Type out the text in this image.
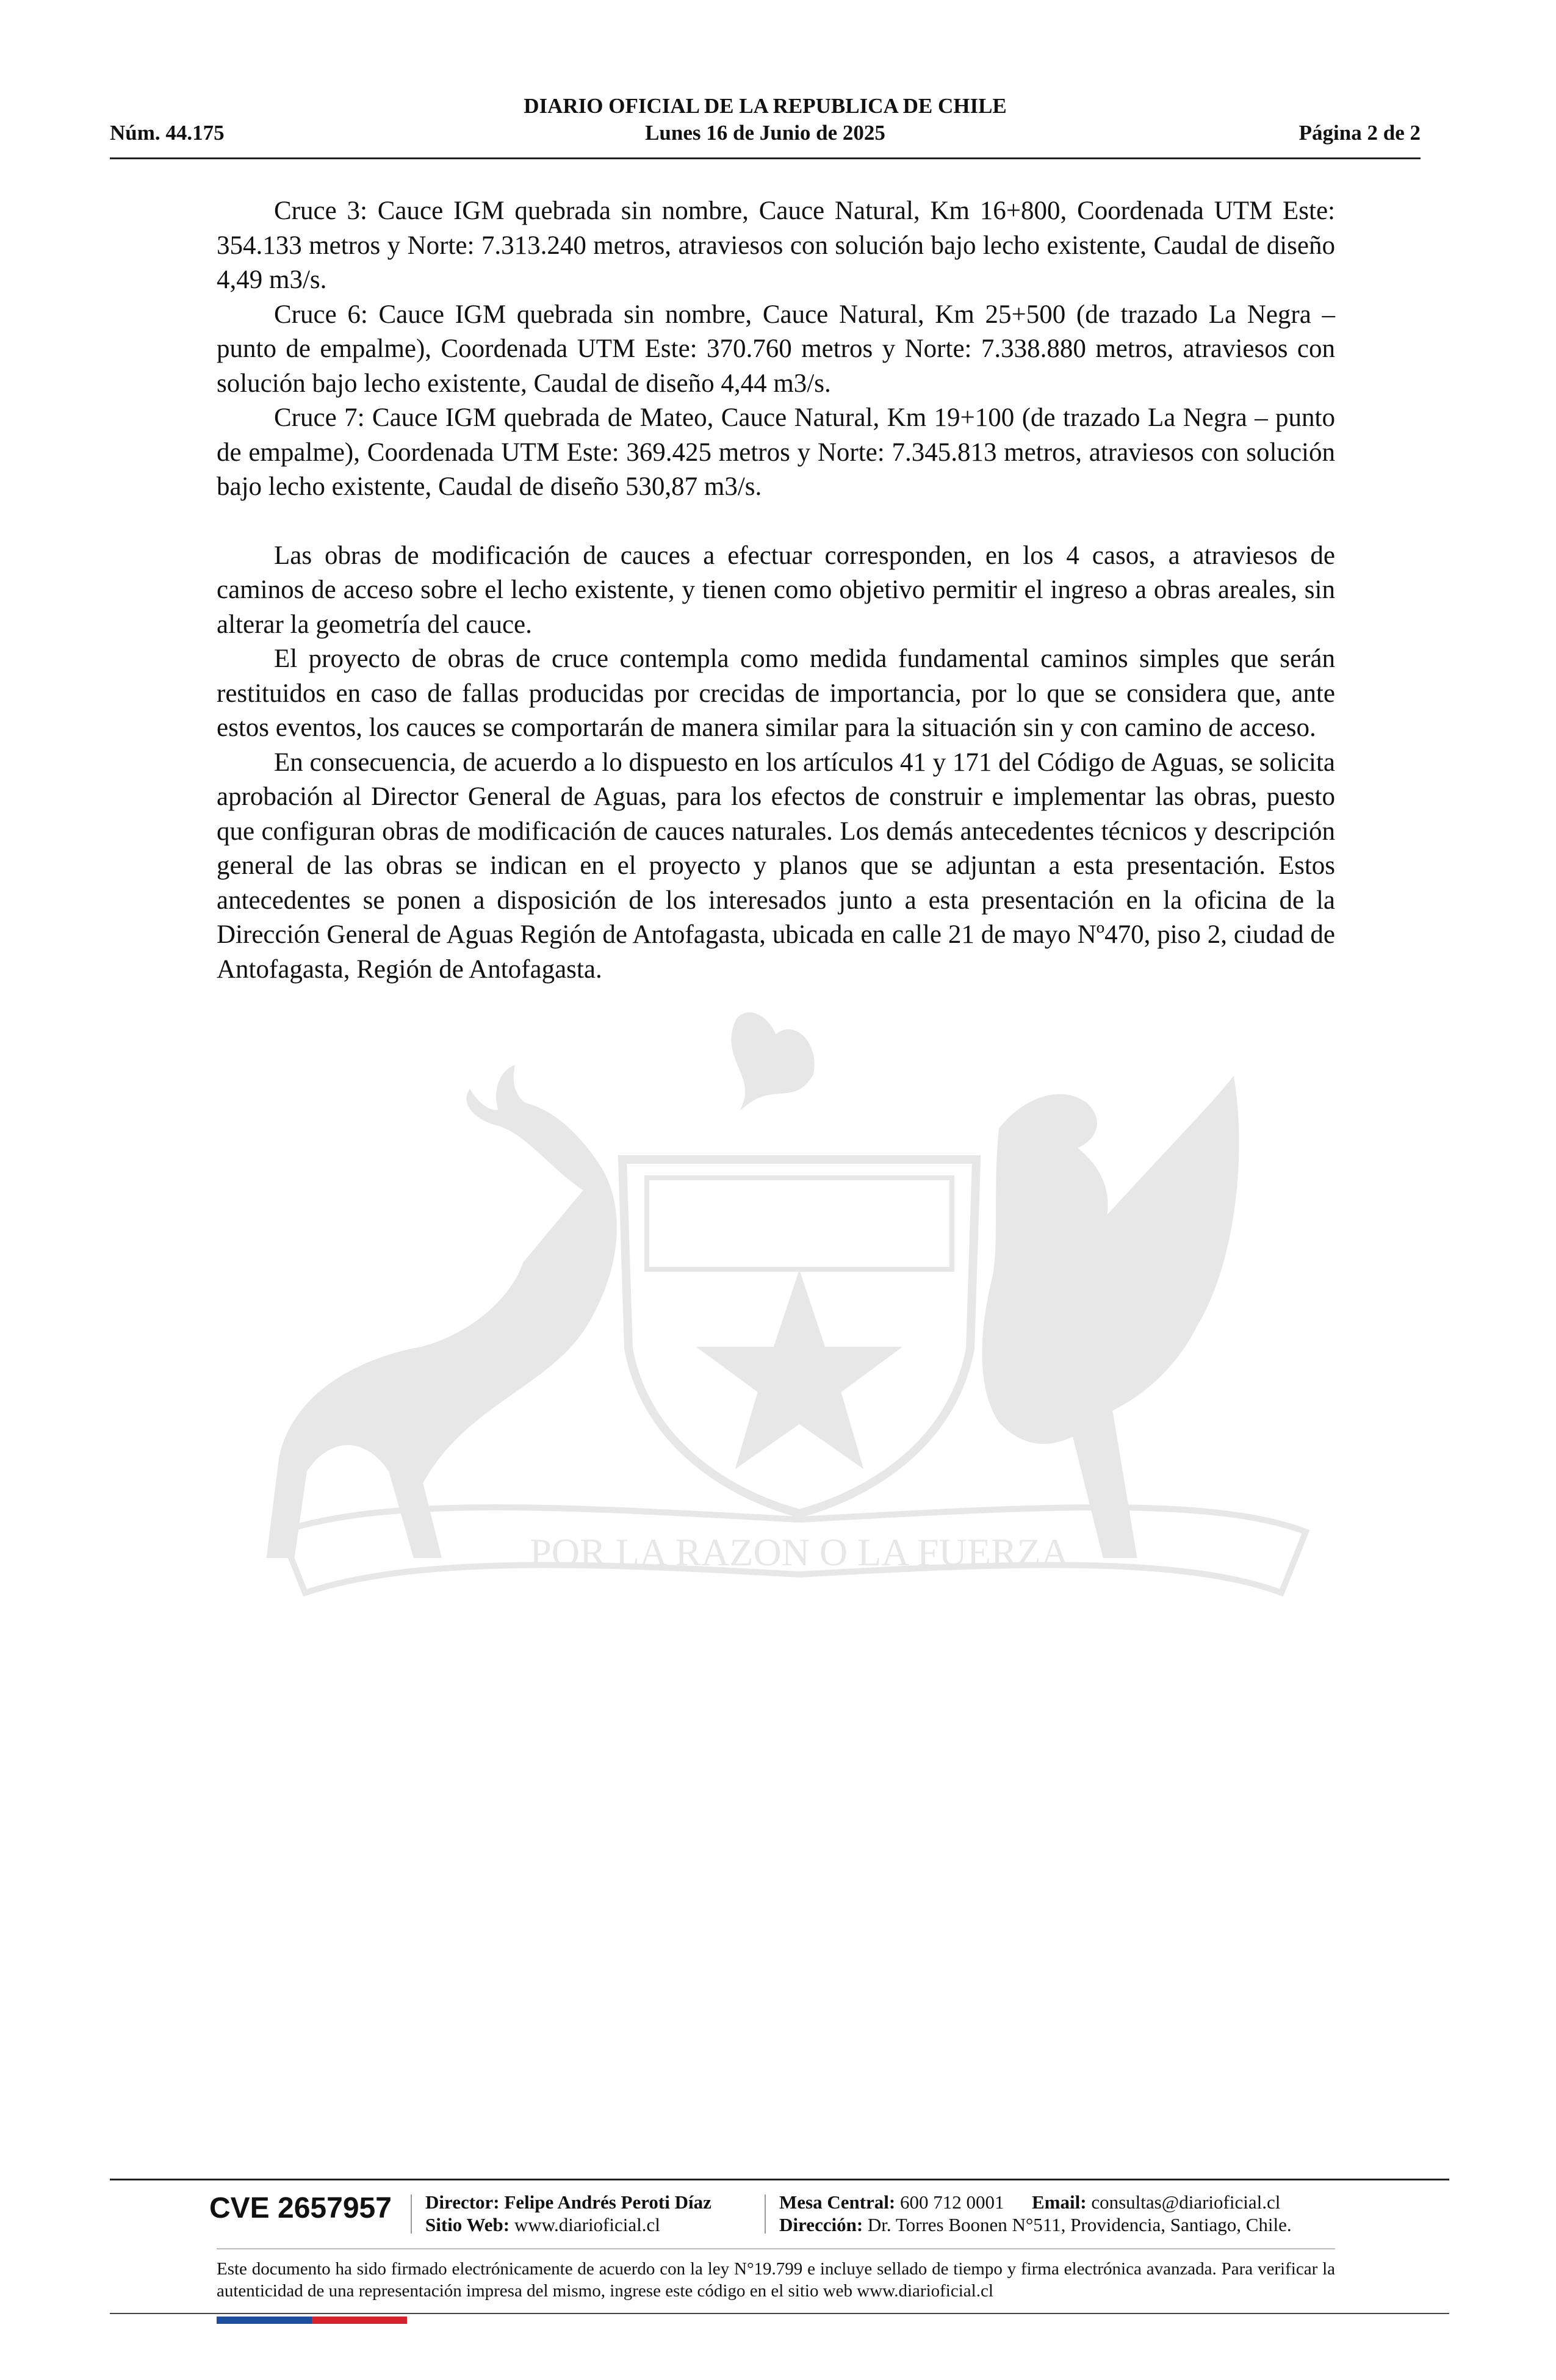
DIARIO OFICIAL DE LA REPUBLICA DE CHILE
Núm. 44.175	Lunes 16 de Junio de 2025	Página 2 de 2
POR LA RAZON O LA FUERZA

Cruce 3: Cauce IGM quebrada sin nombre, Cauce Natural, Km 16+800, Coordenada UTM Este: 354.133 metros y Norte: 7.313.240 metros, atraviesos con solución bajo lecho existente, Caudal de diseño 4,49 m3/s.

Cruce 6: Cauce IGM quebrada sin nombre, Cauce Natural, Km 25+500 (de trazado La Negra – punto de empalme), Coordenada UTM Este: 370.760 metros y Norte: 7.338.880 metros, atraviesos con solución bajo lecho existente, Caudal de diseño 4,44 m3/s.

Cruce 7: Cauce IGM quebrada de Mateo, Cauce Natural, Km 19+100 (de trazado La Negra – punto de empalme), Coordenada UTM Este: 369.425 metros y Norte: 7.345.813 metros, atraviesos con solución bajo lecho existente, Caudal de diseño 530,87 m3/s.

Las obras de modificación de cauces a efectuar corresponden, en los 4 casos, a atraviesos de caminos de acceso sobre el lecho existente, y tienen como objetivo permitir el ingreso a obras areales, sin alterar la geometría del cauce.

El proyecto de obras de cruce contempla como medida fundamental caminos simples que serán restituidos en caso de fallas producidas por crecidas de importancia, por lo que se considera que, ante estos eventos, los cauces se comportarán de manera similar para la situación sin y con camino de acceso.

En consecuencia, de acuerdo a lo dispuesto en los artículos 41 y 171 del Código de Aguas, se solicita aprobación al Director General de Aguas, para los efectos de construir e implementar las obras, puesto que configuran obras de modificación de cauces naturales. Los demás antecedentes técnicos y descripción general de las obras se indican en el proyecto y planos que se adjuntan a esta presentación. Estos antecedentes se ponen a disposición de los interesados junto a esta presentación en la oficina de la Dirección General de Aguas Región de Antofagasta, ubicada en calle 21 de mayo Nº470, piso 2, ciudad de Antofagasta, Región de Antofagasta.

CVE 2657957 Director: Felipe Andrés Peroti Díaz
Sitio Web: www.diarioficial.cl
Mesa Central: 600 712 0001 Email: consultas@diarioficial.cl
Dirección: Dr. Torres Boonen N°511, Providencia, Santiago, Chile.
Este documento ha sido firmado electrónicamente de acuerdo con la ley N°19.799 e incluye sellado de tiempo y firma electrónica avanzada. Para verificar la autenticidad de una representación impresa del mismo, ingrese este código en el sitio web www.diarioficial.cl
